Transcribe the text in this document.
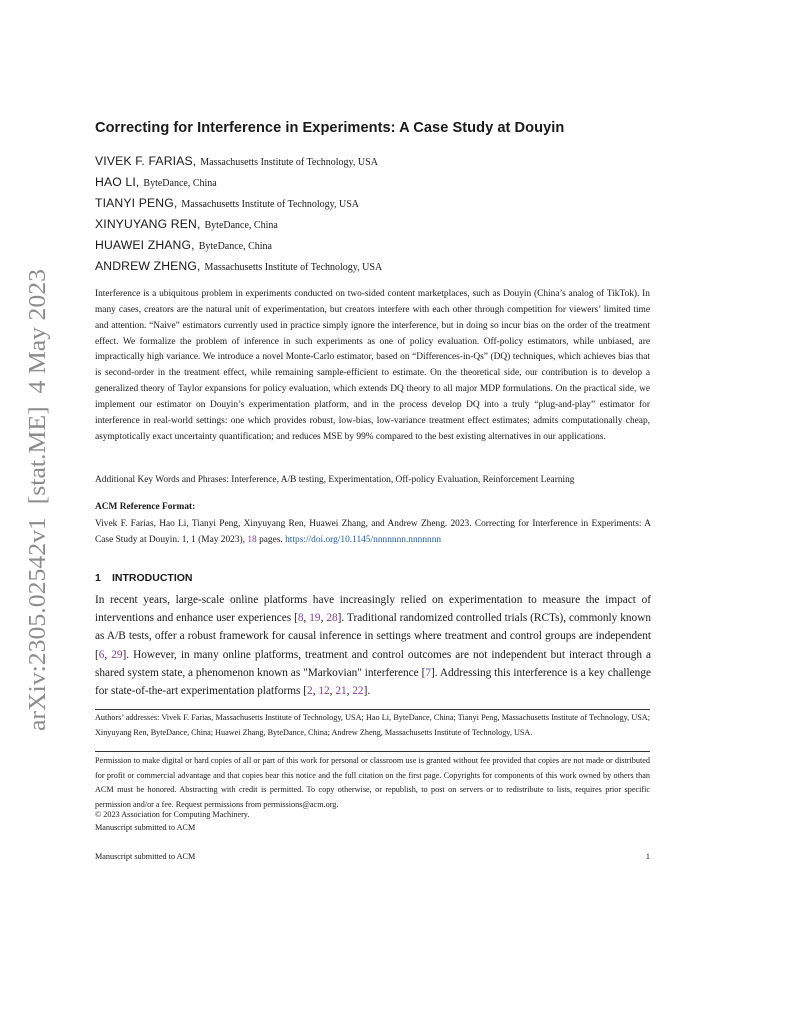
arXiv:2305.02542v1  [stat.ME]  4 May 2023
Correcting for Interference in Experiments: A Case Study at Douyin
VIVEK F. FARIAS, Massachusetts Institute of Technology, USA
HAO LI, ByteDance, China
TIANYI PENG, Massachusetts Institute of Technology, USA
XINYUYANG REN, ByteDance, China
HUAWEI ZHANG, ByteDance, China
ANDREW ZHENG, Massachusetts Institute of Technology, USA

Interference is a ubiquitous problem in experiments conducted on two-sided content marketplaces, such as Douyin (China’s analog of TikTok). In many cases, creators are the natural unit of experimentation, but creators interfere with each other through competition for viewers’ limited time and attention. “Naive” estimators currently used in practice simply ignore the interference, but in doing so incur bias on the order of the treatment effect. We formalize the problem of inference in such experiments as one of policy evaluation. Off-policy estimators, while unbiased, are impractically high variance. We introduce a novel Monte-Carlo estimator, based on “Differences-in-Qs” (DQ) techniques, which achieves bias that is second-order in the treatment effect, while remaining sample-efficient to estimate. On the theoretical side, our contribution is to develop a generalized theory of Taylor expansions for policy evaluation, which extends DQ theory to all major MDP formulations. On the practical side, we implement our estimator on Douyin’s experimentation platform, and in the process develop DQ into a truly “plug-and-play” estimator for interference in real-world settings: one which provides robust, low-bias, low-variance treatment effect estimates; admits computationally cheap, asymptotically exact uncertainty quantification; and reduces MSE by 99% compared to the best existing alternatives in our applications.

Additional Key Words and Phrases: Interference, A/B testing, Experimentation, Off-policy Evaluation, Reinforcement Learning

ACM Reference Format:

Vivek F. Farias, Hao Li, Tianyi Peng, Xinyuyang Ren, Huawei Zhang, and Andrew Zheng. 2023. Correcting for Interference in Experiments: A Case Study at Douyin. 1, 1 (May 2023), 18 pages. https://doi.org/10.1145/nnnnnnn.nnnnnnn

1 INTRODUCTION

In recent years, large-scale online platforms have increasingly relied on experimentation to measure the impact of interventions and enhance user experiences [8, 19, 28]. Traditional randomized controlled trials (RCTs), commonly known as A/B tests, offer a robust framework for causal inference in settings where treatment and control groups are independent [6, 29]. However, in many online platforms, treatment and control outcomes are not independent but interact through a shared system state, a phenomenon known as "Markovian" interference [7]. Addressing this interference is a key challenge for state-of-the-art experimentation platforms [2, 12, 21, 22].

Authors’ addresses: Vivek F. Farias, Massachusetts Institute of Technology, USA; Hao Li, ByteDance, China; Tianyi Peng, Massachusetts Institute of Technology, USA; Xinyuyang Ren, ByteDance, China; Huawei Zhang, ByteDance, China; Andrew Zheng, Massachusetts Institute of Technology, USA.

Permission to make digital or hard copies of all or part of this work for personal or classroom use is granted without fee provided that copies are not made or distributed for profit or commercial advantage and that copies bear this notice and the full citation on the first page. Copyrights for components of this work owned by others than ACM must be honored. Abstracting with credit is permitted. To copy otherwise, or republish, to post on servers or to redistribute to lists, requires prior specific permission and/or a fee. Request permissions from permissions@acm.org.

© 2023 Association for Computing Machinery.
Manuscript submitted to ACM
Manuscript submitted to ACM	1
